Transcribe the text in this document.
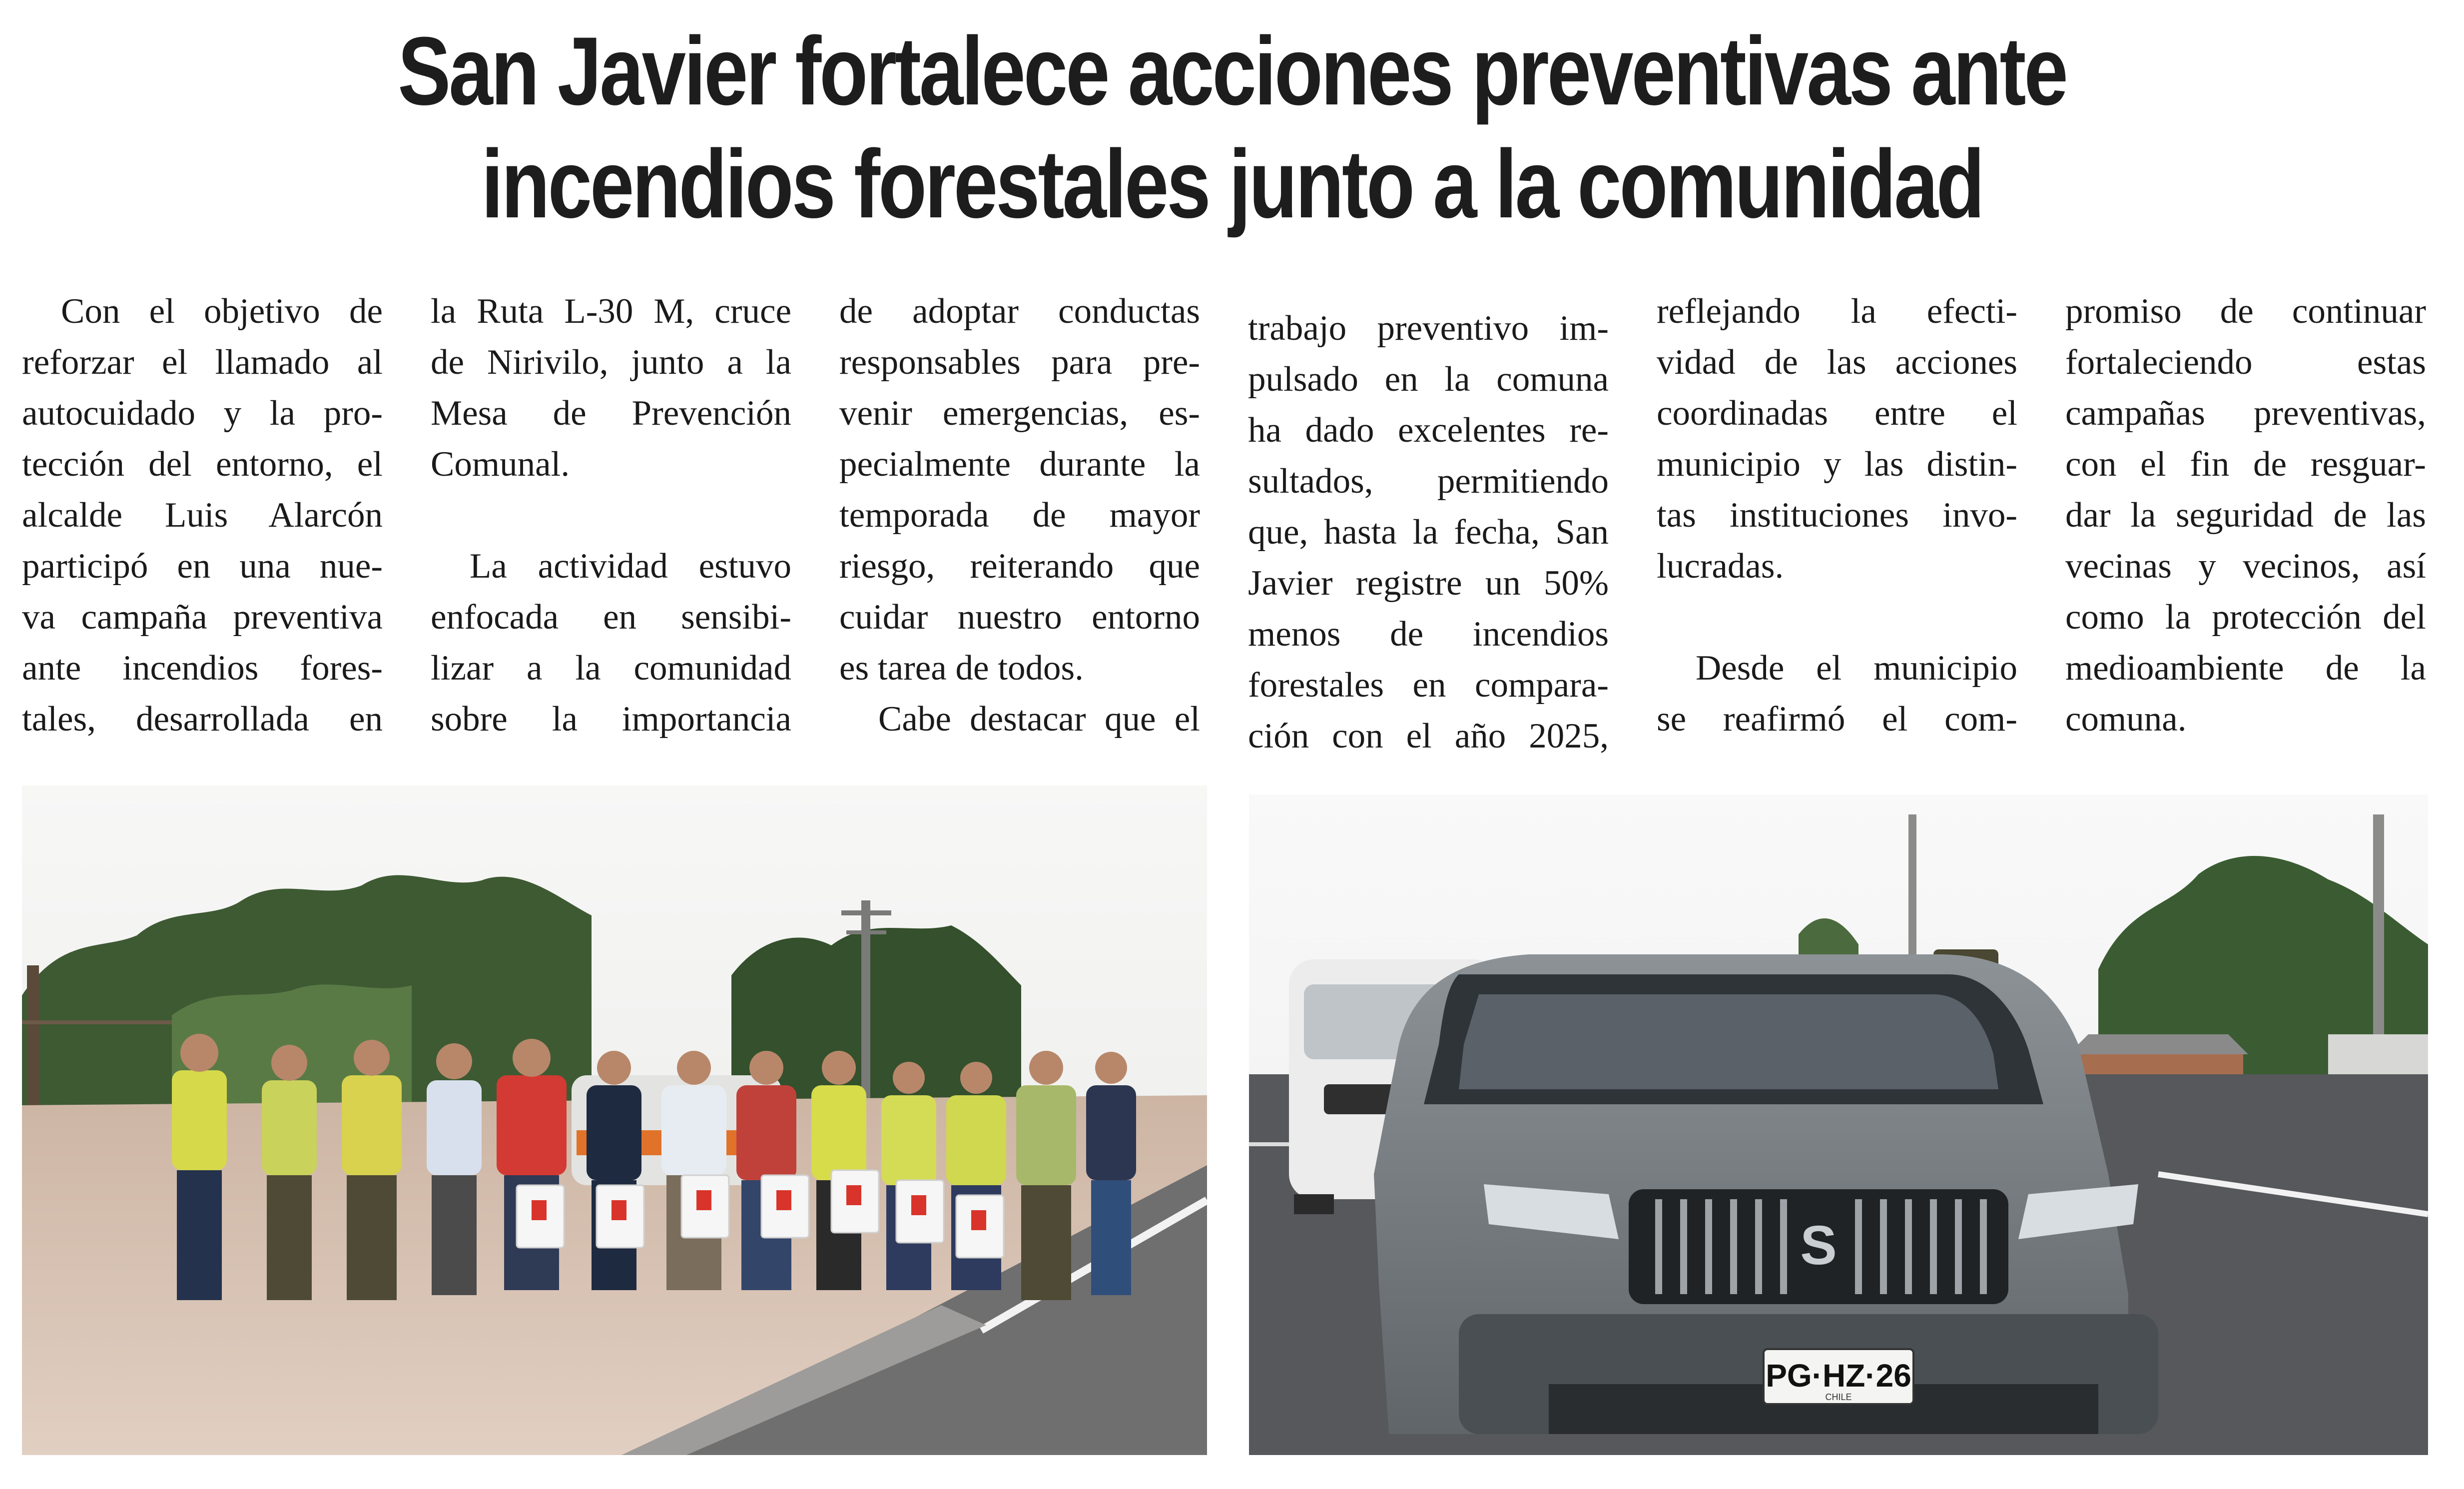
San Javier fortalece acciones preventivas ante
incendios forestales junto a la comunidad

Con el objetivo de

reforzar el llamado al

autocuidado y la pro-

tección del entorno, el

alcalde Luis Alarcón

participó en una nue-

va campaña preventiva

ante incendios fores-

tales, desarrollada en

la Ruta L-30 M, cruce

de Nirivilo, junto a la

Mesa de Prevención

Comunal.

La actividad estuvo

enfocada en sensibi-

lizar a la comunidad

sobre la importancia

de adoptar conductas

responsables para pre-

venir emergencias, es-

pecialmente durante la

temporada de mayor

riesgo, reiterando que

cuidar nuestro entorno

es tarea de todos.

Cabe destacar que el

trabajo preventivo im-

pulsado en la comuna

ha dado excelentes re-

sultados, permitiendo

que, hasta la fecha, San

Javier registre un 50%

menos de incendios

forestales en compara-

ción con el año 2025,

reflejando la efecti-

vidad de las acciones

coordinadas entre el

municipio y las distin-

tas instituciones invo-

lucradas.

Desde el municipio

se reafirmó el com-

promiso de continuar

fortaleciendo estas

campañas preventivas,

con el fin de resguar-

dar la seguridad de las

vecinas y vecinos, así

como la protección del

medioambiente de la

comuna.

S
PG·HZ·26
CHILE
